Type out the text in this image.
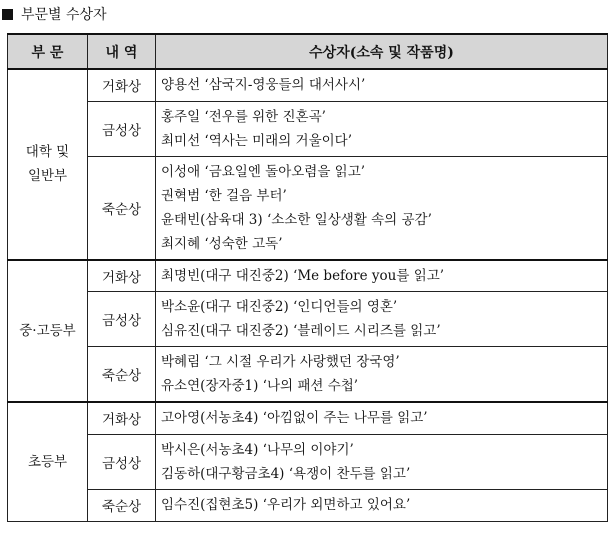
부문별 수상자
부 문	내 역	수상자(소속 및 작품명)

대학 및
일반부	거화상	양용선 ‘삼국지-영웅들의 대서사시’

	금성상	홍주일 ‘전우를 위한 진혼곡’
최미선 ‘역사는 미래의 거울이다’

	죽순상	이성애 ‘금요일엔 돌아오렴을 읽고’
권혁범 ‘한 걸음 부터’
윤태빈(삼육대 3) ‘소소한 일상생활 속의 공감’
최지혜 ‘성숙한 고독’

중·고등부	거화상	최명빈(대구 대진중2) ‘Me before you를 읽고’

	금성상	박소윤(대구 대진중2) ‘인디언들의 영혼’
심유진(대구 대진중2) ‘블레이드 시리즈를 읽고’

	죽순상	박혜림 ‘그 시절 우리가 사랑했던 장국영’
유소연(장자중1) ‘나의 패션 수첩’

초등부	거화상	고아영(서농초4) ‘아낌없이 주는 나무를 읽고’

	금성상	박시은(서농초4) ‘나무의 이야기’
김동하(대구황금초4) ‘욕쟁이 찬두를 읽고’

	죽순상	임수진(집현초5) ‘우리가 외면하고 있어요’
